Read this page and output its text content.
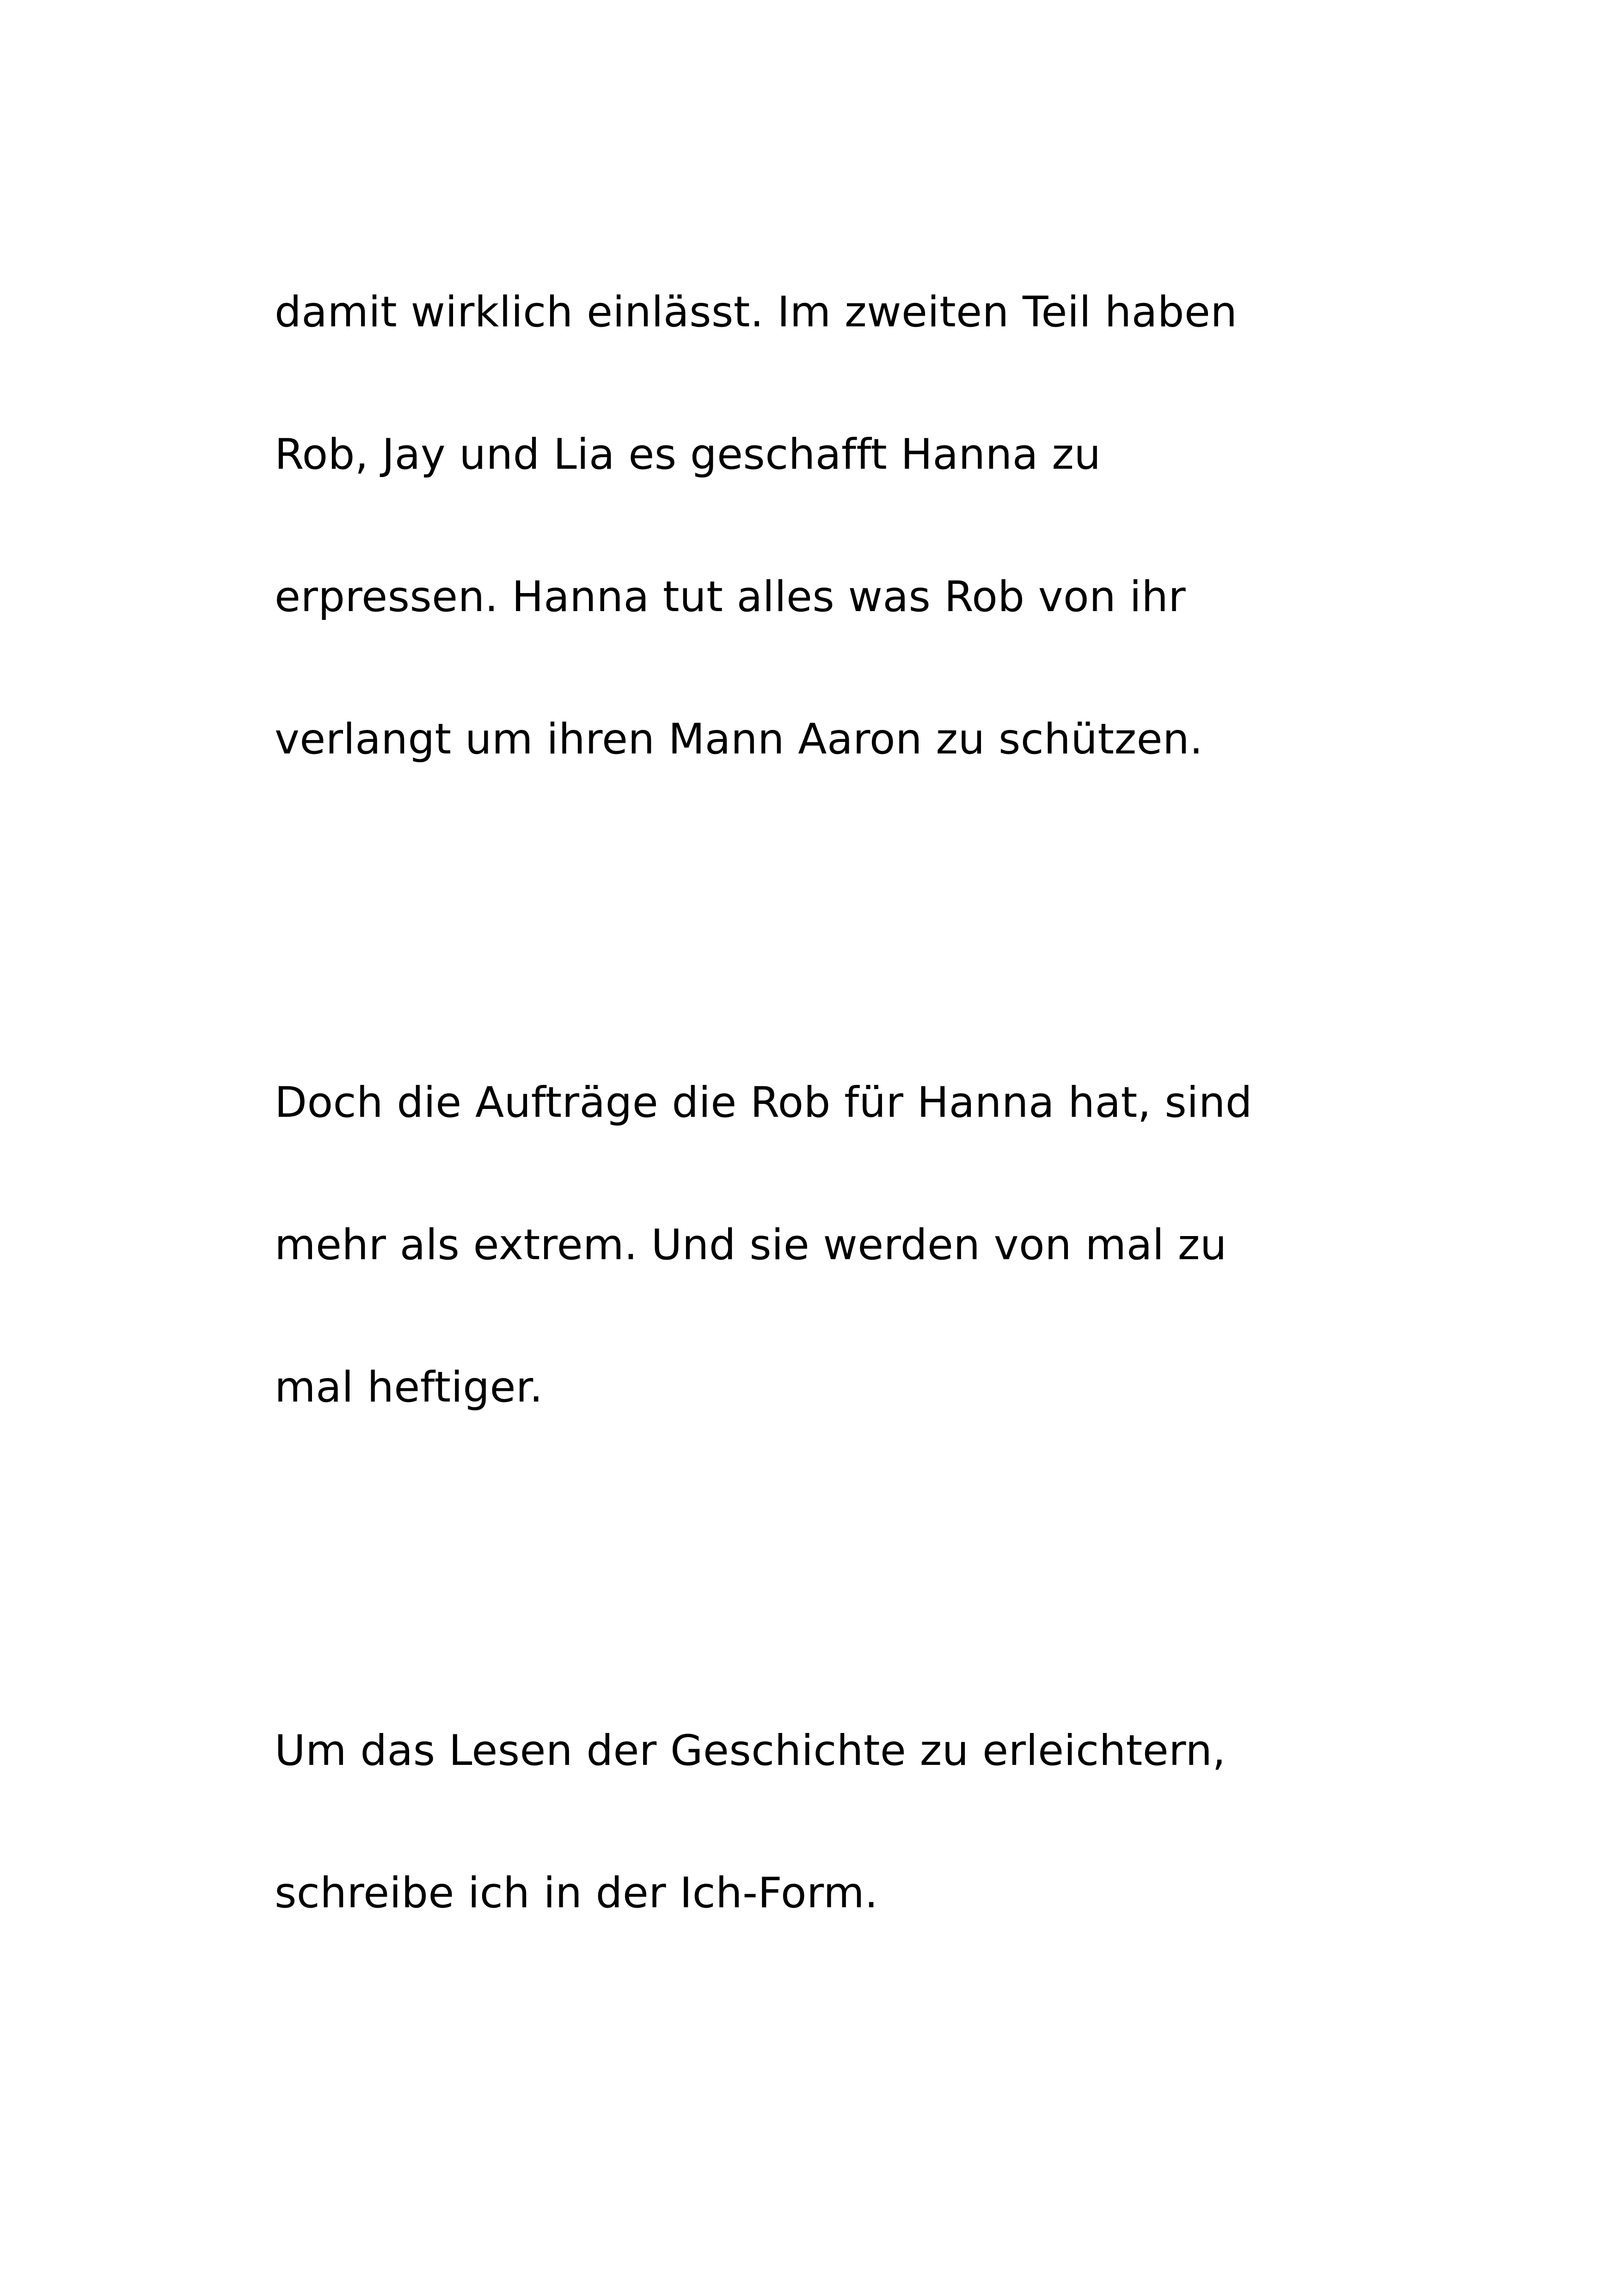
damit wirklich einlässt. Im zweiten Teil haben

Rob, Jay und Lia es geschafft Hanna zu

erpressen. Hanna tut alles was Rob von ihr

verlangt um ihren Mann Aaron zu schützen.

Doch die Aufträge die Rob für Hanna hat, sind

mehr als extrem. Und sie werden von mal zu

mal heftiger.

Um das Lesen der Geschichte zu erleichtern,

schreibe ich in der Ich-Form.
